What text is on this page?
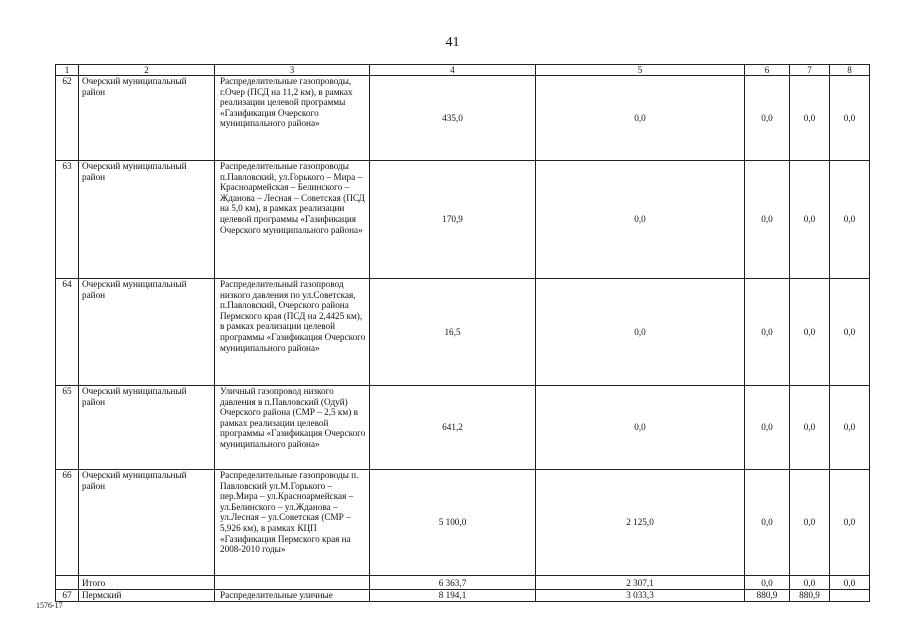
41
1	2	3	4	5	6	7	8
62	Очерский муниципальный район	Распределительные газопроводы, г.Очер (ПСД на 11,2 км), в рамках реализации целевой программы «Газификация Очерского муниципального района»	435,0	0,0	0,0	0,0	0,0
63	Очерский муниципальный район	Распределительные газопроводы п.Павловский, ул.Горького – Мира – Красноармейская – Белинского – Жданова – Лесная – Советская (ПСД на 5,0 км), в рамках реализации целевой программы «Газификация Очерского муниципального района»	170,9	0,0	0,0	0,0	0,0
64	Очерский муниципальный район	Распределительный газопровод низкого давления по ул.Советская, п.Павловский, Очерского района Пермского края (ПСД на 2,4425 км), в рамках реализации целевой программы «Газификация Очерского муниципального района»	16,5	0,0	0,0	0,0	0,0
65	Очерский муниципальный район	Уличный газопровод низкого давления в п.Павловский (Одуй) Очерского района (СМР – 2,5 км) в рамках реализации целевой программы «Газификация Очерского муниципального района»	641,2	0,0	0,0	0,0	0,0
66	Очерский муниципальный район	Распределительные газопроводы п. Павловский ул.М.Горького – пер.Мира – ул.Красноармейская – ул.Белинского – ул.Жданова – ул.Лесная – ул.Советская (СМР – 5,926 км), в рамках КЦП «Газификация Пермского края на 2008-2010 годы»	5 100,0	2 125,0	0,0	0,0	0,0
	Итого		6 363,7	2 307,1	0,0	0,0	0,0
67	Пермский	Распределительные уличные	8 194,1	3 033,3	880,9	880,9	
1576-17
